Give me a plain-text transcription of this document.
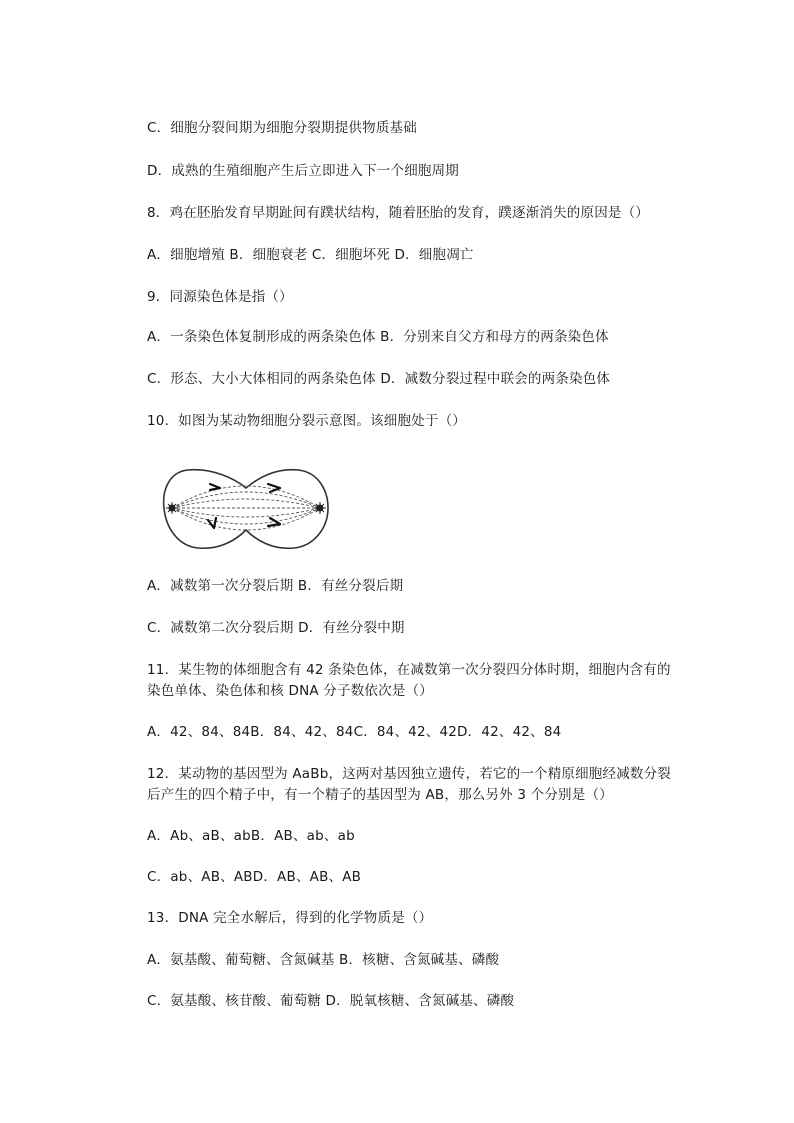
C．细胞分裂间期为细胞分裂期提供物质基础
D．成熟的生殖细胞产生后立即进入下一个细胞周期
8．鸡在胚胎发育早期趾间有蹼状结构，随着胚胎的发育，蹼逐渐消失的原因是（）
A．细胞增殖 B．细胞衰老 C．细胞坏死 D．细胞凋亡
9．同源染色体是指（）
A．一条染色体复制形成的两条染色体 B．分别来自父方和母方的两条染色体
C．形态、大小大体相同的两条染色体 D．减数分裂过程中联会的两条染色体
10．如图为某动物细胞分裂示意图。该细胞处于（）
A．减数第一次分裂后期 B．有丝分裂后期
C．减数第二次分裂后期 D．有丝分裂中期
11．某生物的体细胞含有 42 条染色体，在减数第一次分裂四分体时期，细胞内含有的
染色单体、染色体和核 DNA 分子数依次是（）
A．42、84、84B．84、42、84C．84、42、42D．42、42、84
12．某动物的基因型为 AaBb，这两对基因独立遗传，若它的一个精原细胞经减数分裂
后产生的四个精子中，有一个精子的基因型为 AB，那么另外 3 个分别是（）
A．Ab、aB、abB．AB、ab、ab
C．ab、AB、ABD．AB、AB、AB
13．DNA 完全水解后，得到的化学物质是（）
A．氨基酸、葡萄糖、含氮碱基 B．核糖、含氮碱基、磷酸
C．氨基酸、核苷酸、葡萄糖 D．脱氧核糖、含氮碱基、磷酸
